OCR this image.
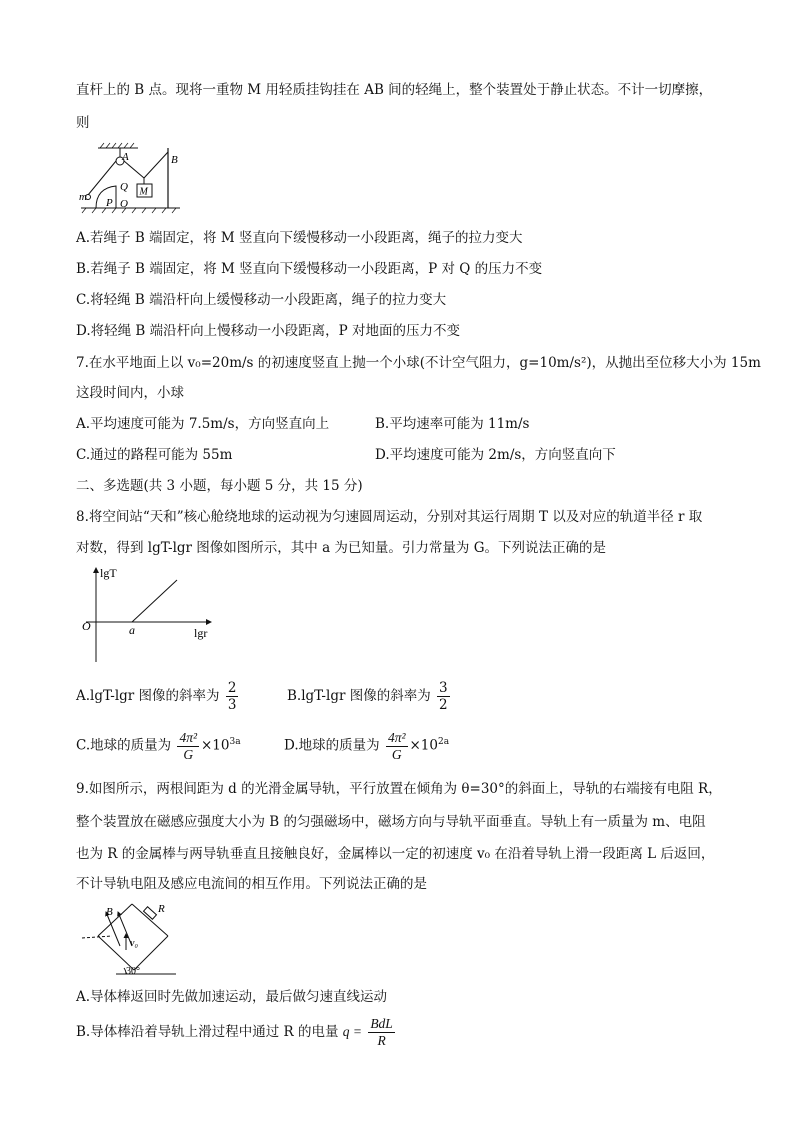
直杆上的 B 点。现将一重物 M 用轻质挂钩挂在 AB 间的轻绳上，整个装置处于静止状态。不计一切摩擦，
则
M
A	B
m
Q
P O
A.若绳子 B 端固定，将 M 竖直向下缓慢移动一小段距离，绳子的拉力变大
B.若绳子 B 端固定，将 M 竖直向下缓慢移动一小段距离，P 对 Q 的压力不变
C.将轻绳 B 端沿杆向上缓慢移动一小段距离，绳子的拉力变大
D.将轻绳 B 端沿杆向上慢移动一小段距离，P 对地面的压力不变
7.在水平地面上以 v₀=20m/s 的初速度竖直上抛一个小球(不计空气阻力，g=10m/s²)，从抛出至位移大小为 15m
这段时间内，小球
A.平均速度可能为 7.5m/s，方向竖直向上	B.平均速率可能为 11m/s
C.通过的路程可能为 55m	D.平均速度可能为 2m/s，方向竖直向下
二、多选题(共 3 小题，每小题 5 分，共 15 分)
8.将空间站“天和”核心舱绕地球的运动视为匀速圆周运动，分别对其运行周期 T 以及对应的轨道半径 r 取
对数，得到 lgT-lgr 图像如图所示，其中 a 为已知量。引力常量为 G。下列说法正确的是
lgT
lgr
O	a
A.lgT-lgr 图像的斜率为 $\frac{2}{3}$	B.lgT-lgr 图像的斜率为 $\frac{3}{2}$
C.地球的质量为 $\frac{\text{4π²}}{G} \times 10^{3a}$	D.地球的质量为 $\frac{\text{4π²}}{G} \times 10^{2a}$
9.如图所示，两根间距为 d 的光滑金属导轨，平行放置在倾角为 θ=30°的斜面上，导轨的右端接有电阻 R，
整个装置放在磁感应强度大小为 B 的匀强磁场中，磁场方向与导轨平面垂直。导轨上有一质量为 m、电阻
也为 R 的金属棒与两导轨垂直且接触良好，金属棒以一定的初速度 v₀ 在沿着导轨上滑一段距离 L 后返回，
不计导轨电阻及感应电流间的相互作用。下列说法正确的是
B	R
v₀
30°
A.导体棒返回时先做加速运动，最后做匀速直线运动
B.导体棒沿着导轨上滑过程中通过 R 的电量 $q = \frac{\text{BdL}}{R}$
